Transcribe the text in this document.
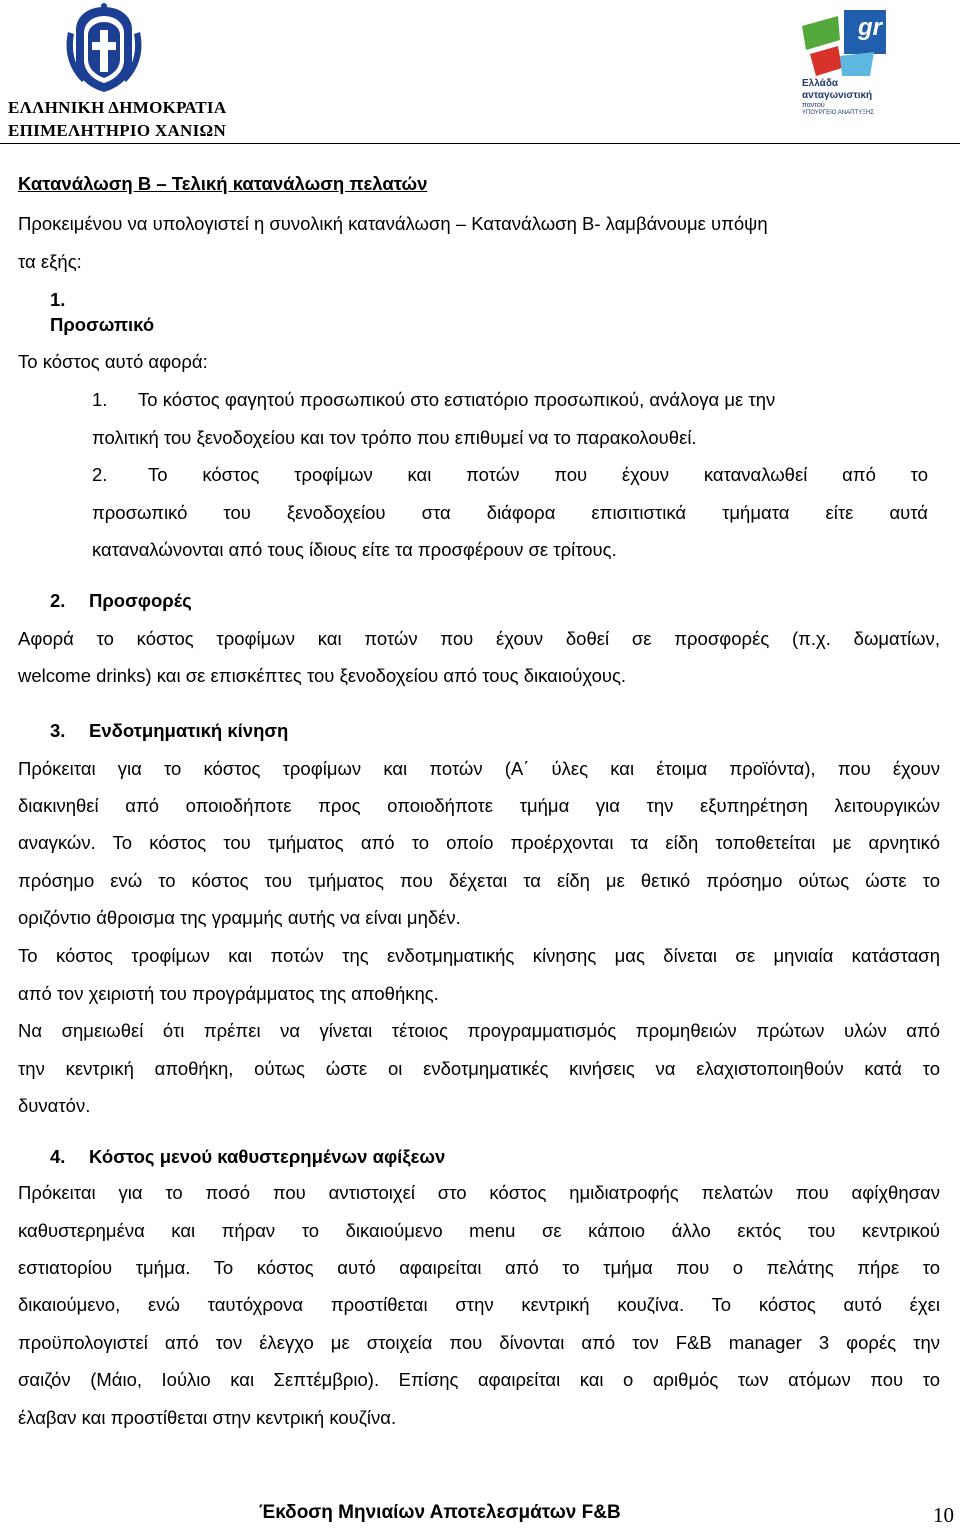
ΕΛΛΗΝΙΚΗ ΔΗΜΟΚΡΑΤΙΑ
ΕΠΙΜΕΛΗΤΗΡΙΟ ΧΑΝΙΩΝ
gr
Ελλάδα
ανταγωνιστική
παντού
ΥΠΟΥΡΓΕΙΟ ΑΝΑΠΤΥΞΗΣ
Κατανάλωση Β – Τελική κατανάλωση πελατών
Προκειμένου να υπολογιστεί η συνολική κατανάλωση – Κατανάλωση Β- λαμβάνουμε υπόψη
τα εξής:
1.
Προσωπικό
Το κόστος αυτό αφορά:
1. Το κόστος φαγητού προσωπικού στο εστιατόριο προσωπικού, ανάλογα με την
πολιτική του ξενοδοχείου και τον τρόπο που επιθυμεί να το παρακολουθεί.
2. Το κόστος τροφίμων και ποτών που έχουν καταναλωθεί από το
προσωπικό του ξενοδοχείου στα διάφορα επισιτιστικά τμήματα είτε αυτά
καταναλώνονται από τους ίδιους είτε τα προσφέρουν σε τρίτους.
2. Προσφορές
Αφορά το κόστος τροφίμων και ποτών που έχουν δοθεί σε προσφορές (π.χ. δωματίων,
welcome drinks) και σε επισκέπτες του ξενοδοχείου από τους δικαιούχους.
3. Ενδοτμηματική κίνηση
Πρόκειται για το κόστος τροφίμων και ποτών (Α΄ ύλες και έτοιμα προϊόντα), που έχουν
διακινηθεί από οποιοδήποτε προς οποιοδήποτε τμήμα για την εξυπηρέτηση λειτουργικών
αναγκών. Το κόστος του τμήματος από το οποίο προέρχονται τα είδη τοποθετείται με αρνητικό
πρόσημο ενώ το κόστος του τμήματος που δέχεται τα είδη με θετικό πρόσημο ούτως ώστε το
οριζόντιο άθροισμα της γραμμής αυτής να είναι μηδέν.
Το κόστος τροφίμων και ποτών της ενδοτμηματικής κίνησης μας δίνεται σε μηνιαία κατάσταση
από τον χειριστή του προγράμματος της αποθήκης.
Να σημειωθεί ότι πρέπει να γίνεται τέτοιος προγραμματισμός προμηθειών πρώτων υλών από
την κεντρική αποθήκη, ούτως ώστε οι ενδοτμηματικές κινήσεις να ελαχιστοποιηθούν κατά το
δυνατόν.
4. Κόστος μενού καθυστερημένων αφίξεων
Πρόκειται για το ποσό που αντιστοιχεί στο κόστος ημιδιατροφής πελατών που αφίχθησαν
καθυστερημένα και πήραν το δικαιούμενο menu σε κάποιο άλλο εκτός του κεντρικού
εστιατορίου τμήμα. Το κόστος αυτό αφαιρείται από το τμήμα που ο πελάτης πήρε το
δικαιούμενο, ενώ ταυτόχρονα προστίθεται στην κεντρική κουζίνα. Το κόστος αυτό έχει
προϋπολογιστεί από τον έλεγχο με στοιχεία που δίνονται από τον F&B manager 3 φορές την
σαιζόν (Μάιο, Ιούλιο και Σεπτέμβριο). Επίσης αφαιρείται και ο αριθμός των ατόμων που το
έλαβαν και προστίθεται στην κεντρική κουζίνα.
Έκδοση Μηνιαίων Αποτελεσμάτων F&B	10
